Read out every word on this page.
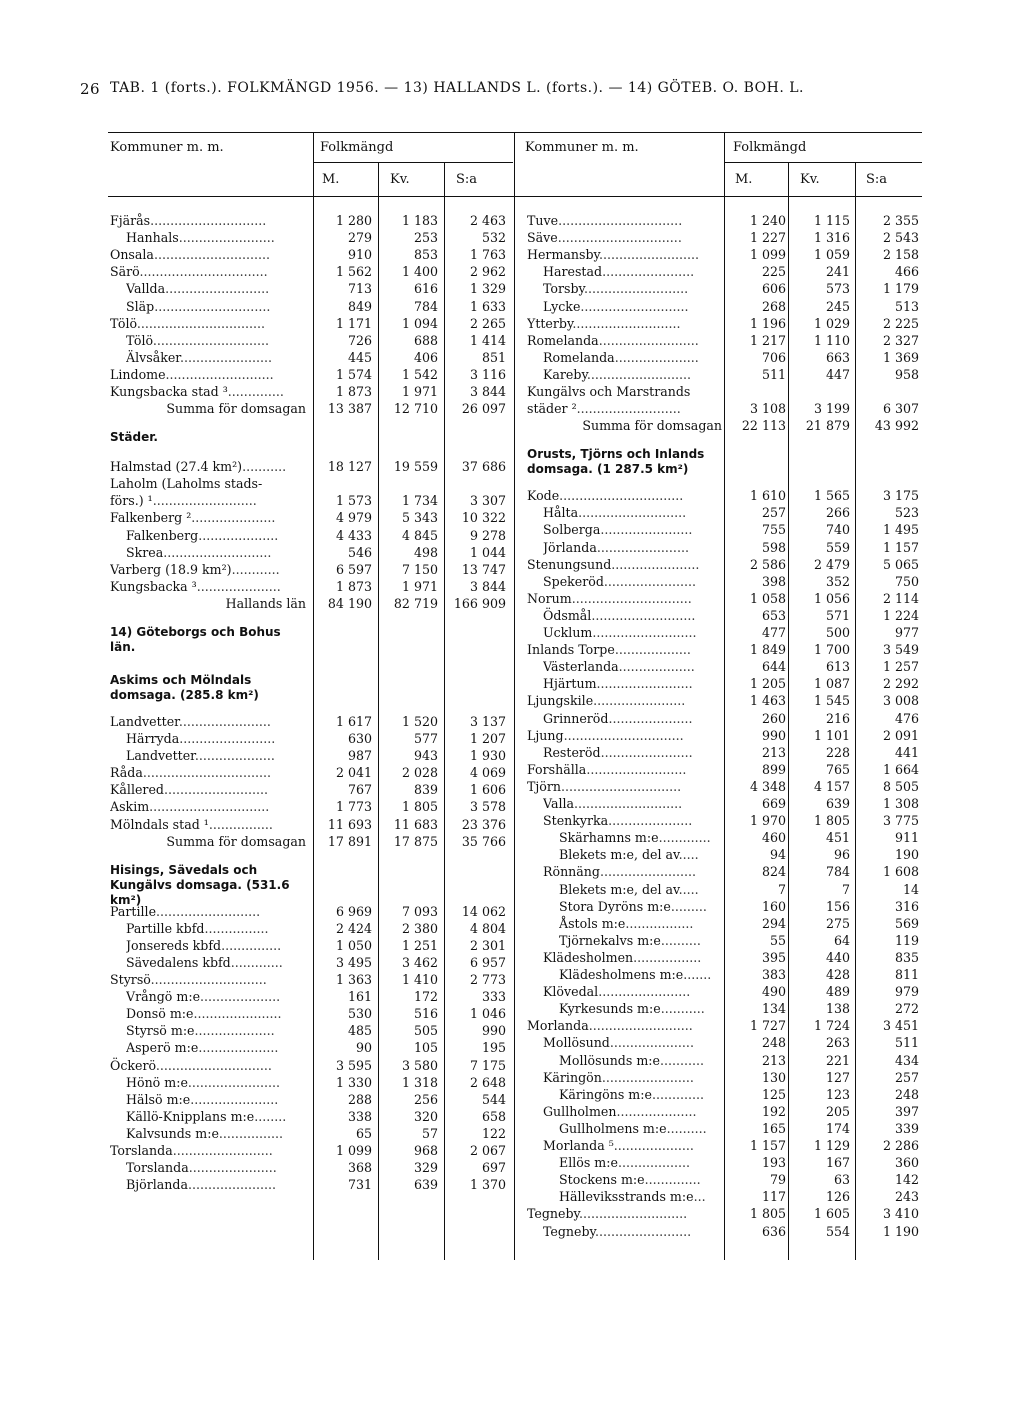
26 TAB. 1 (forts.). FOLKMÄNGD 1956. — 13) HALLANDS L. (forts.). — 14) GÖTEB. O. BOH. L.
Kommuner m. m.	Folkmängd
M.	Kv.	S:a
Kommuner m. m.	Folkmängd
M.	Kv.	S:a
Fjärås.............................	1 280	1 183	2 463
Hanhals........................	279	253	532
Onsala.............................	910	853	1 763
Särö................................	1 562	1 400	2 962
Vallda..........................	713	616	1 329
Släp.............................	849	784	1 633
Tölö................................	1 171	1 094	2 265
Tölö.............................	726	688	1 414
Älvsåker.......................	445	406	851
Lindome...........................	1 574	1 542	3 116
Kungsbacka stad ³..............	1 873	1 971	3 844
Summa för domsagan	13 387	12 710	26 097
Städer.
Halmstad (27.4 km²)...........	18 127	19 559	37 686
Laholm (Laholms stads-
förs.) ¹..........................	1 573	1 734	3 307
Falkenberg ².....................	4 979	5 343	10 322
Falkenberg....................	4 433	4 845	9 278
Skrea...........................	546	498	1 044
Varberg (18.9 km²)............	6 597	7 150	13 747
Kungsbacka ³.....................	1 873	1 971	3 844
Hallands län	84 190	82 719	166 909
14) Göteborgs och Bohus län.
Askims och Mölndals domsaga. (285.8 km²)
Landvetter.......................	1 617	1 520	3 137
Härryda........................	630	577	1 207
Landvetter....................	987	943	1 930
Råda................................	2 041	2 028	4 069
Kållered..........................	767	839	1 606
Askim..............................	1 773	1 805	3 578
Mölndals stad ¹................	11 693	11 683	23 376
Summa för domsagan	17 891	17 875	35 766
Hisings, Sävedals och Kungälvs domsaga. (531.6 km²)
Partille..........................	6 969	7 093	14 062
Partille kbfd................	2 424	2 380	4 804
Jonsereds kbfd...............	1 050	1 251	2 301
Sävedalens kbfd.............	3 495	3 462	6 957
Styrsö.............................	1 363	1 410	2 773
Vrångö m:e....................	161	172	333
Donsö m:e......................	530	516	1 046
Styrsö m:e....................	485	505	990
Asperö m:e....................	90	105	195
Öckerö.............................	3 595	3 580	7 175
Hönö m:e.......................	1 330	1 318	2 648
Hälsö m:e......................	288	256	544
Källö-Knipplans m:e........	338	320	658
Kalvsunds m:e................	65	57	122
Torslanda.........................	1 099	968	2 067
Torslanda......................	368	329	697
Björlanda......................	731	639	1 370
Tuve...............................	1 240	1 115	2 355
Säve...............................	1 227	1 316	2 543
Hermansby.........................	1 099	1 059	2 158
Harestad.......................	225	241	466
Torsby..........................	606	573	1 179
Lycke...........................	268	245	513
Ytterby...........................	1 196	1 029	2 225
Romelanda.........................	1 217	1 110	2 327
Romelanda.....................	706	663	1 369
Kareby..........................	511	447	958
Kungälvs och Marstrands
städer ²..........................	3 108	3 199	6 307
Summa för domsagan	22 113	21 879	43 992
Orusts, Tjörns och Inlands domsaga. (1 287.5 km²)
Kode...............................	1 610	1 565	3 175
Hålta...........................	257	266	523
Solberga.......................	755	740	1 495
Jörlanda.......................	598	559	1 157
Stenungsund......................	2 586	2 479	5 065
Spekeröd.......................	398	352	750
Norum..............................	1 058	1 056	2 114
Ödsmål..........................	653	571	1 224
Ucklum..........................	477	500	977
Inlands Torpe...................	1 849	1 700	3 549
Västerlanda...................	644	613	1 257
Hjärtum........................	1 205	1 087	2 292
Ljungskile.......................	1 463	1 545	3 008
Grinneröd.....................	260	216	476
Ljung..............................	990	1 101	2 091
Resteröd.......................	213	228	441
Forshälla.........................	899	765	1 664
Tjörn..............................	4 348	4 157	8 505
Valla...........................	669	639	1 308
Stenkyrka.....................	1 970	1 805	3 775
Skärhamns m:e.............	460	451	911
Blekets m:e, del av.....	94	96	190
Rönnäng........................	824	784	1 608
Blekets m:e, del av.....	7	7	14
Stora Dyröns m:e.........	160	156	316
Åstols m:e.................	294	275	569
Tjörnekalvs m:e..........	55	64	119
Klädesholmen.................	395	440	835
Klädesholmens m:e.......	383	428	811
Klövedal.......................	490	489	979
Kyrkesunds m:e...........	134	138	272
Morlanda..........................	1 727	1 724	3 451
Mollösund.....................	248	263	511
Mollösunds m:e...........	213	221	434
Käringön.......................	130	127	257
Käringöns m:e.............	125	123	248
Gullholmen....................	192	205	397
Gullholmens m:e..........	165	174	339
Morlanda ⁵....................	1 157	1 129	2 286
Ellös m:e..................	193	167	360
Stockens m:e..............	79	63	142
Hälleviksstrands m:e...	117	126	243
Tegneby...........................	1 805	1 605	3 410
Tegneby........................	636	554	1 190
